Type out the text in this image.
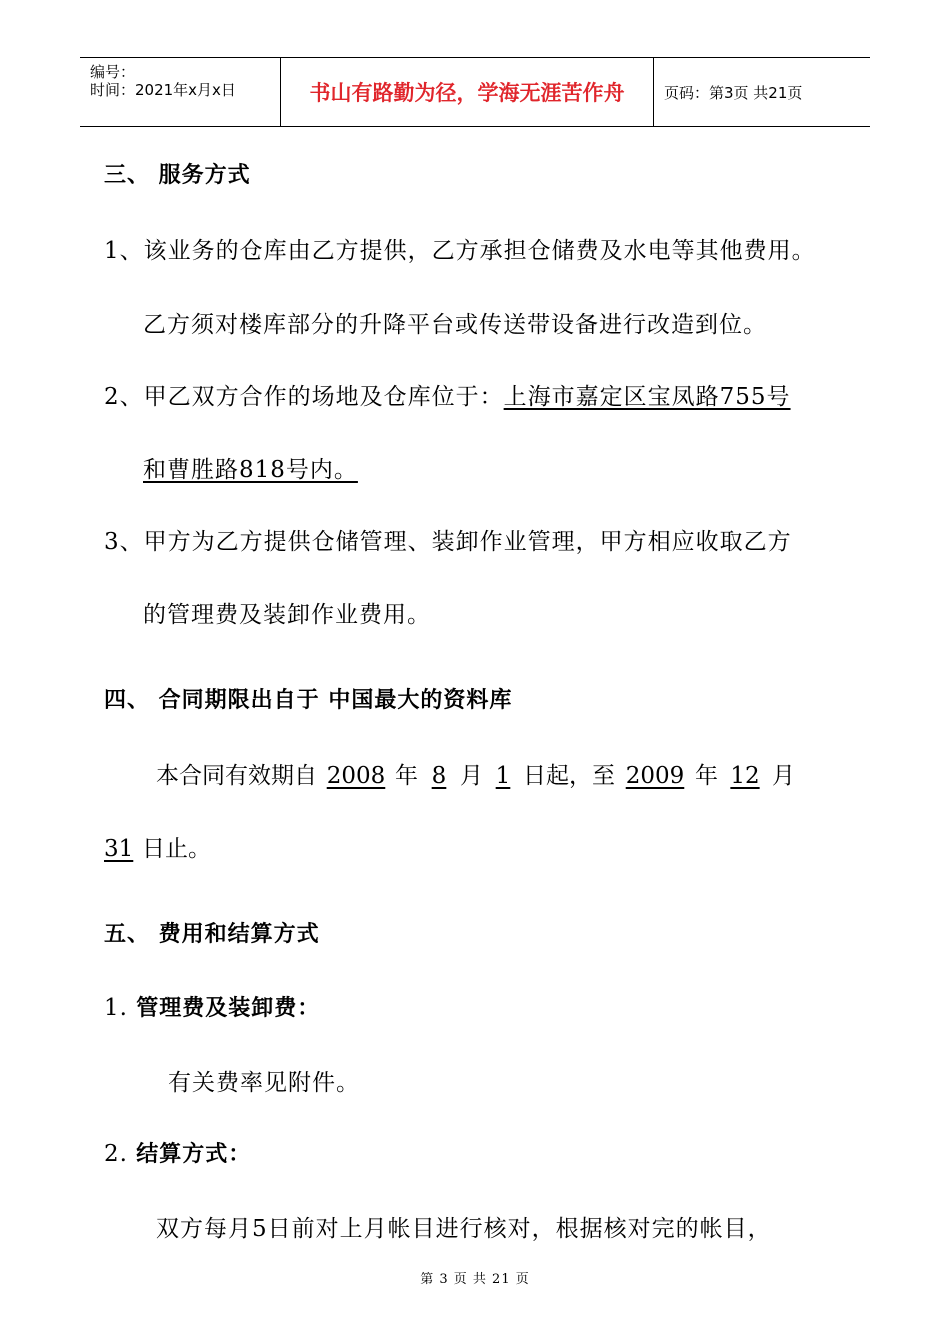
编号：
时间：2021年x月x日	书山有路勤为径，学海无涯苦作舟	页码：第3页 共21页
三、 服务方式
1、该业务的仓库由乙方提供，乙方承担仓储费及水电等其他费用。
乙方须对楼库部分的升降平台或传送带设备进行改造到位。
2、甲乙双方合作的场地及仓库位于：上海市嘉定区宝凤路755号
和曹胜路818号内。
3、甲方为乙方提供仓储管理、装卸作业管理，甲方相应收取乙方
的管理费及装卸作业费用。
四、 合同期限出自于 中国最大的资料库
本合同有效期自 2008 年 8 月 1 日起，至 2009 年 12 月
31 日止。
五、 费用和结算方式
1. 管理费及装卸费：
有关费率见附件。
2. 结算方式：
双方每月5日前对上月帐目进行核对，根据核对完的帐目，
第 3 页 共 21 页
